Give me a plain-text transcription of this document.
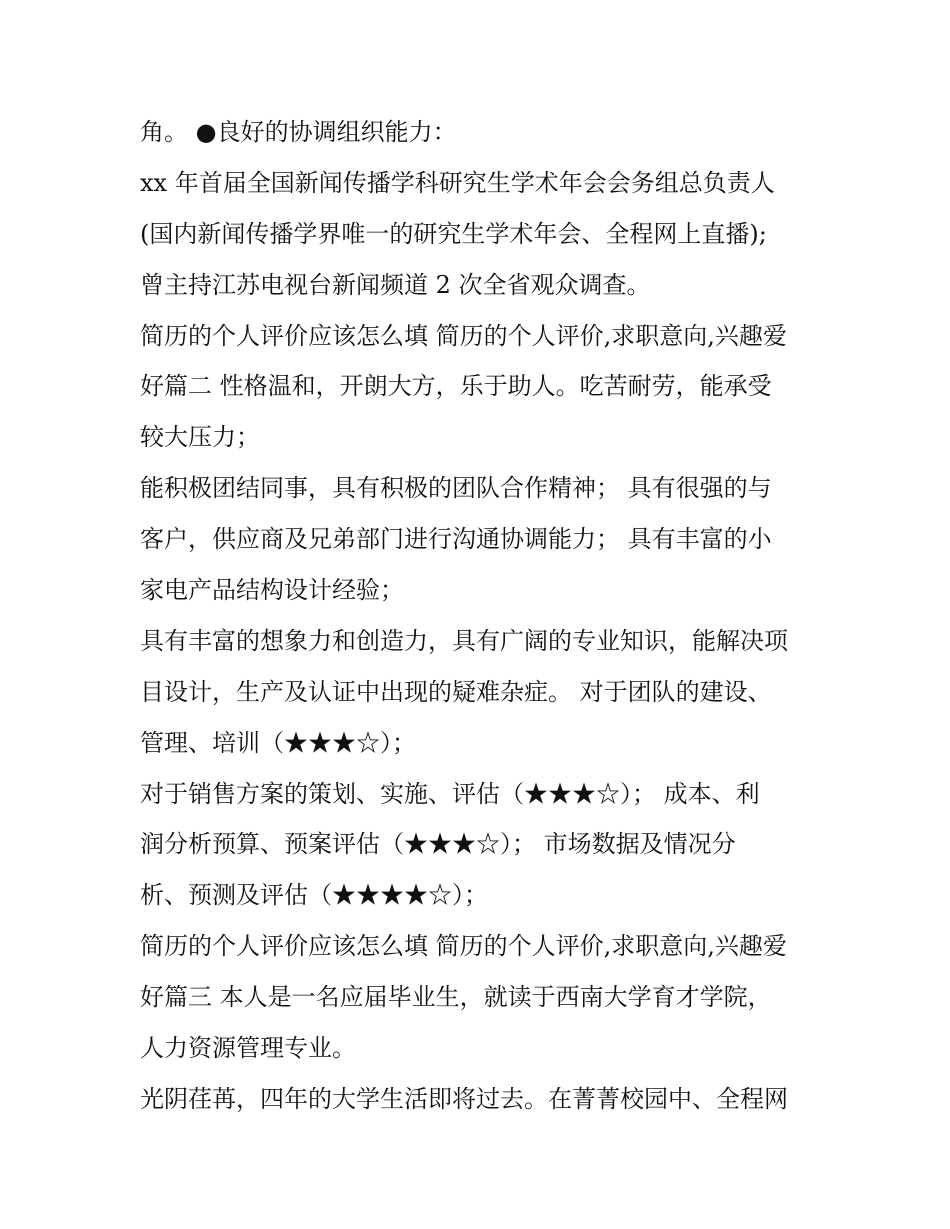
角。 ●良好的协调组织能力：
xx 年首届全国新闻传播学科研究生学术年会会务组总负责人
(国内新闻传播学界唯一的研究生学术年会、全程网上直播);
曾主持江苏电视台新闻频道 2 次全省观众调查。
简历的个人评价应该怎么填 简历的个人评价,求职意向,兴趣爱
好篇二 性格温和，开朗大方，乐于助人。吃苦耐劳，能承受
较大压力；
能积极团结同事，具有积极的团队合作精神； 具有很强的与
客户，供应商及兄弟部门进行沟通协调能力； 具有丰富的小
家电产品结构设计经验；
具有丰富的想象力和创造力，具有广阔的专业知识，能解决项
目设计，生产及认证中出现的疑难杂症。 对于团队的建设、
管理、培训（★★★☆）；
对于销售方案的策划、实施、评估（★★★☆）； 成本、利
润分析预算、预案评估（★★★☆）； 市场数据及情况分
析、预测及评估（★★★★☆）；
简历的个人评价应该怎么填 简历的个人评价,求职意向,兴趣爱
好篇三 本人是一名应届毕业生，就读于西南大学育才学院，
人力资源管理专业。
光阴荏苒，四年的大学生活即将过去。在菁菁校园中、全程网
